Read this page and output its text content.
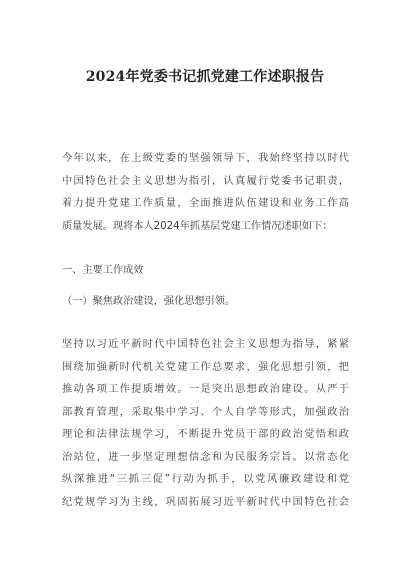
2024年党委书记抓党建工作述职报告
今年以来，在上级党委的坚强领导下，我始终坚持以时代
中国特色社会主义思想为指引，认真履行党委书记职责，
着力提升党建工作质量，全面推进队伍建设和业务工作高
质量发展。现将本人2024年抓基层党建工作情况述职如下：
一、主要工作成效
（一）聚焦政治建设，强化思想引领。
坚持以习近平新时代中国特色社会主义思想为指导，紧紧
围绕加强新时代机关党建工作总要求，强化思想引领，把
推动各项工作提质增效。一是突出思想政治建设。从严于
部教育管理，采取集中学习、个人自学等形式，加强政治
理论和法律法规学习，不断提升党员干部的政治觉悟和政
治站位，进一步坚定理想信念和为民服务宗旨。以常态化
纵深推进“三抓三促”行动为抓手，以党风廉政建设和党
纪党规学习为主线，巩固拓展习近平新时代中国特色社会
